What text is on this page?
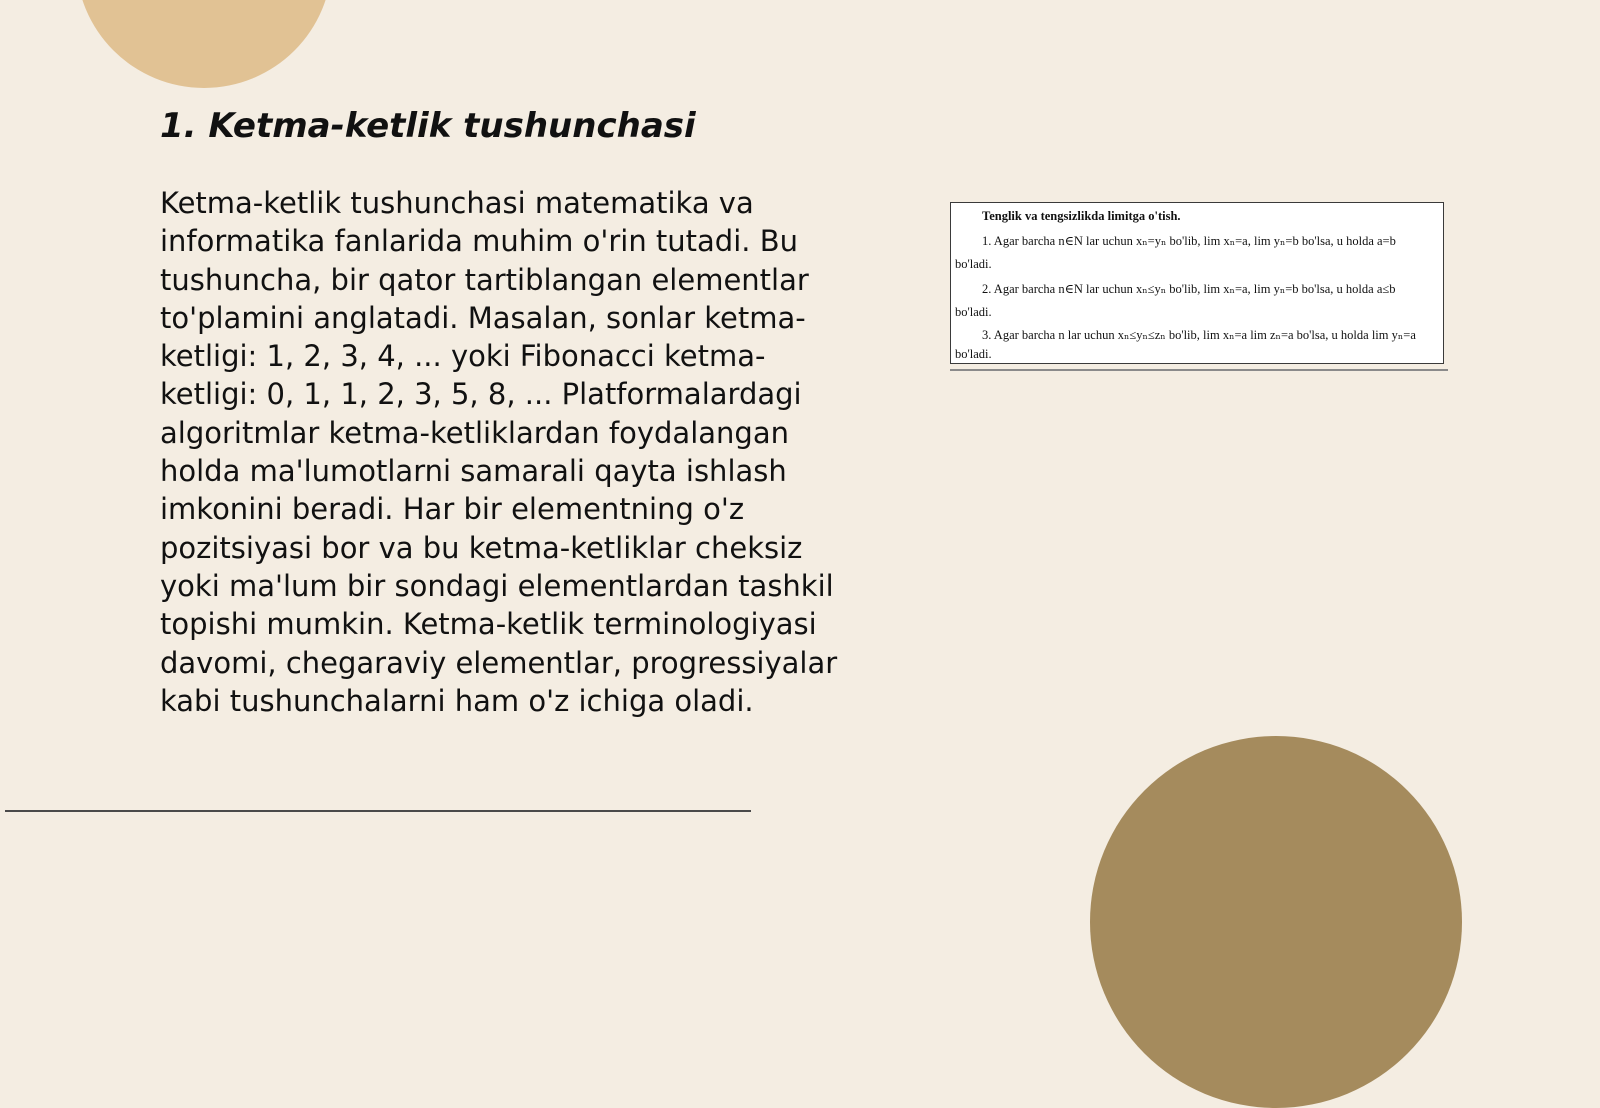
1. Ketma-ketlik tushunchasi

Ketma-ketlik tushunchasi matematika va informatika fanlarida muhim o'rin tutadi. Bu tushuncha, bir qator tartiblangan elementlar to'plamini anglatadi. Masalan, sonlar ketma-ketligi: 1, 2, 3, 4, ... yoki Fibonacci ketma-ketligi: 0, 1, 1, 2, 3, 5, 8, ... Platformalardagi algoritmlar ketma-ketliklardan foydalangan holda ma'lumotlarni samarali qayta ishlash imkonini beradi. Har bir elementning o'z pozitsiyasi bor va bu ketma-ketliklar cheksiz yoki ma'lum bir sondagi elementlardan tashkil topishi mumkin. Ketma-ketlik terminologiyasi davomi, chegaraviy elementlar, progressiyalar kabi tushunchalarni ham o'z ichiga oladi.

Tenglik va tengsizlikda limitga o'tish.
1. Agar barcha n∈N lar uchun xₙ=yₙ bo'lib, lim xₙ=a, lim yₙ=b bo'lsa, u holda a=b
bo'ladi.
2. Agar barcha n∈N lar uchun xₙ≤yₙ bo'lib, lim xₙ=a, lim yₙ=b bo'lsa, u holda a≤b
bo'ladi.
3. Agar barcha n lar uchun xₙ≤yₙ≤zₙ bo'lib, lim xₙ=a lim zₙ=a bo'lsa, u holda lim yₙ=a
bo'ladi.
